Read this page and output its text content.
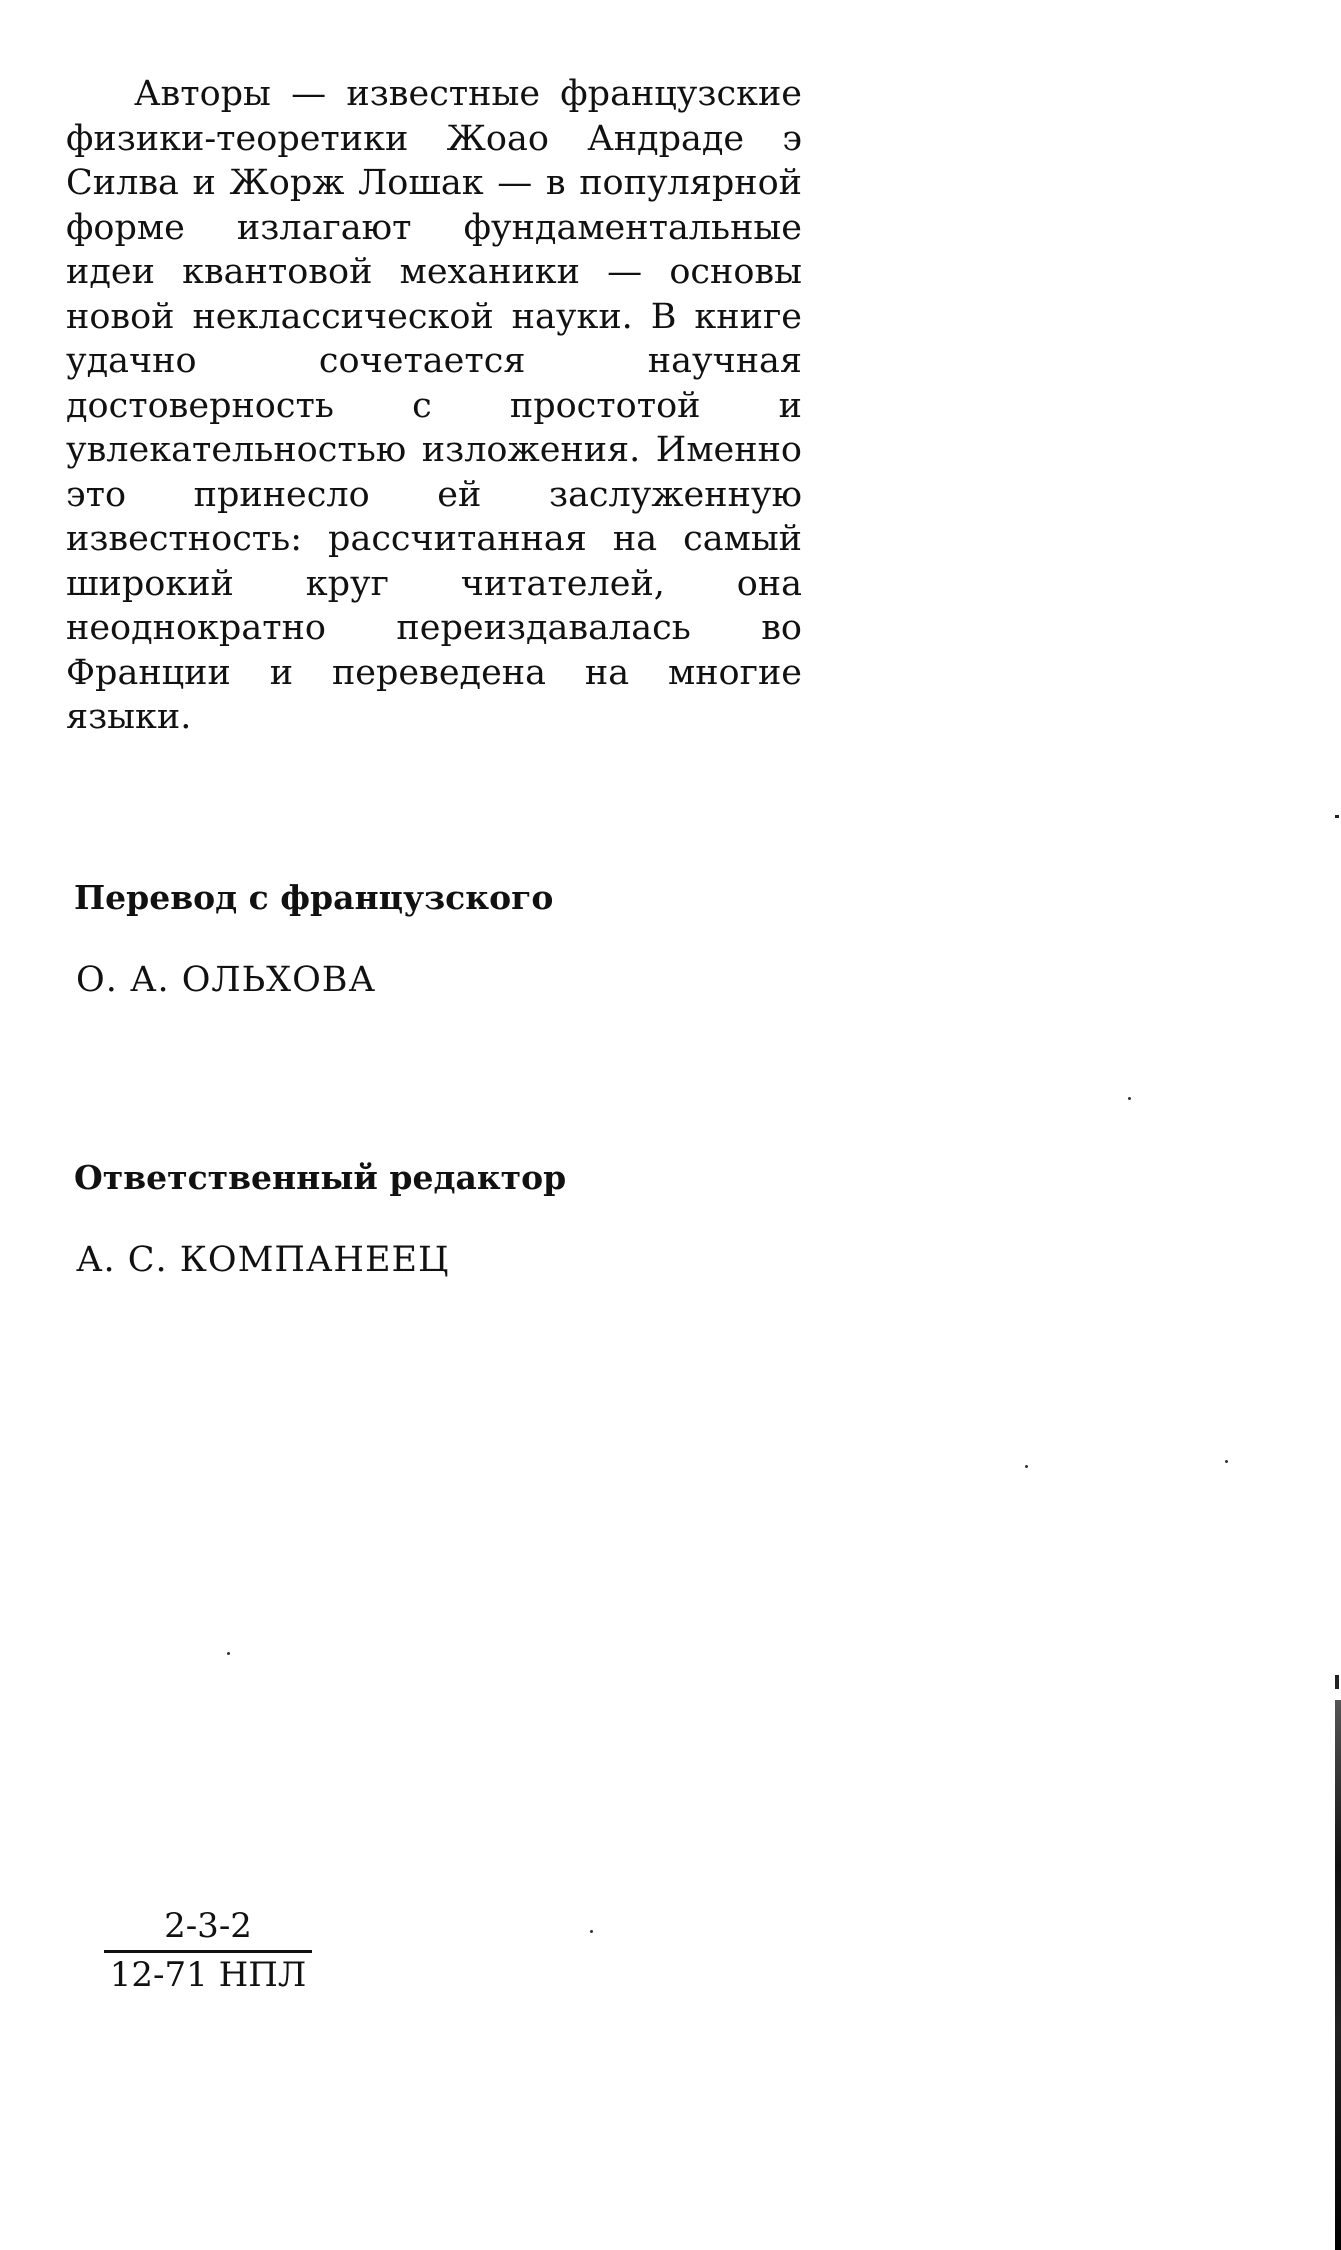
Авторы — известные французские физики-теоретики Жоао Андраде э Силва и Жорж Лошак — в популярной форме излагают фундаментальные идеи квантовой механики — основы новой неклассической науки. В книге удачно сочетается научная достоверность с простотой и увлекательностью изложения. Именно это принесло ей заслуженную известность: рассчитанная на самый широкий круг читателей, она неоднократно переиздавалась во Франции и переведена на многие языки.

Перевод с французского

О. А. ОЛЬХОВА

Ответственный редактор

А. С. КОМПАНЕЕЦ

2-3-2
12-71 НПЛ
